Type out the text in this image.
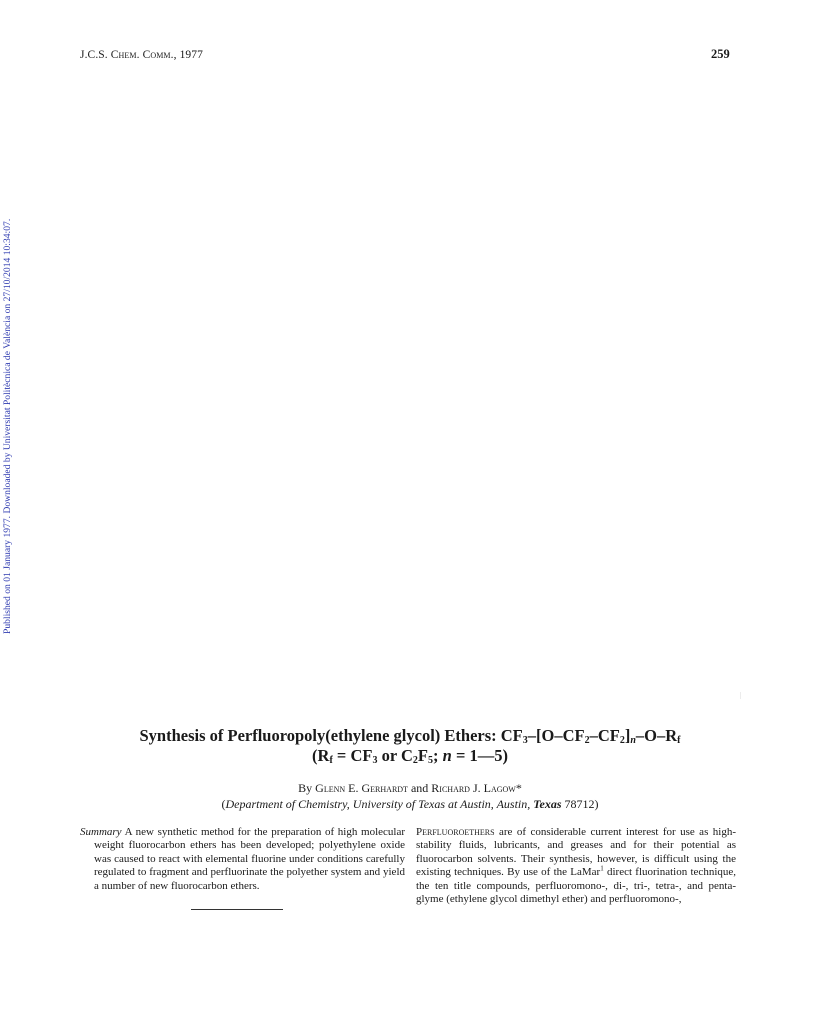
J.C.S. Chem. Comm., 1977	259
Published on 01 January 1977. Downloaded by Universitat Politècnica de València on 27/10/2014 10:34:07.
Synthesis of Perfluoropoly(ethylene glycol) Ethers: $CF_3-[O-CF_2-CF_2]_n-O-R_f$
($R_f = CF_3$ or $C_2F_5$; n = 1—5)
By Glenn E. Gerhardt and Richard J. Lagow*
(Department of Chemistry, University of Texas at Austin, Austin, Texas 78712)

Summary A new synthetic method for the preparation of high molecular weight fluorocarbon ethers has been developed; polyethylene oxide was caused to react with elemental fluorine under conditions carefully regulated to fragment and perfluorinate the polyether system and yield a number of new fluorocarbon ethers.

Perfluoroethers are of considerable current interest for use as high-stability fluids, lubricants, and greases and for their potential as fluorocarbon solvents. Their synthesis, however, is difficult using the existing techniques. By use of the LaMar$^1$ direct fluorination technique, the ten title compounds, perfluoromono-, di-, tri-, tetra-, and penta-glyme (ethylene glycol dimethyl ether) and perfluoromono-,
